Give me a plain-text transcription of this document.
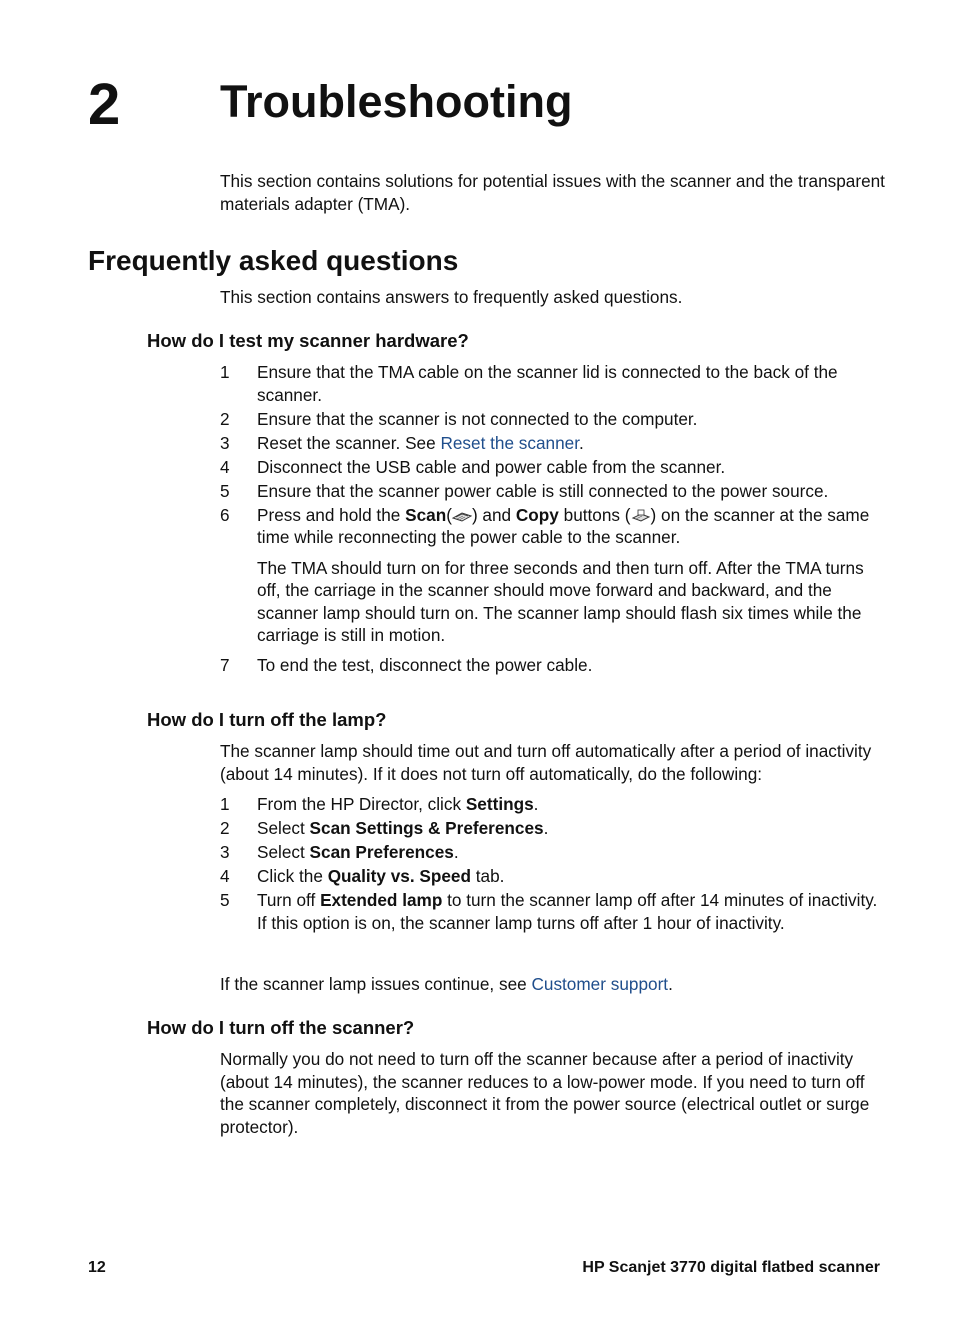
2 Troubleshooting

This section contains solutions for potential issues with the scanner and the transparent materials adapter (TMA).

Frequently asked questions

This section contains answers to frequently asked questions.

How do I test my scanner hardware?
1	Ensure that the TMA cable on the scanner lid is connected to the back of the scanner.
2	Ensure that the scanner is not connected to the computer.
3	Reset the scanner. See Reset the scanner.
4	Disconnect the USB cable and power cable from the scanner.
5	Ensure that the scanner power cable is still connected to the power source.
6	Press and hold the Scan( ) and Copy buttons ( ) on the scanner at the same time while reconnecting the power cable to the scanner.
The TMA should turn on for three seconds and then turn off. After the TMA turns off, the carriage in the scanner should move forward and backward, and the scanner lamp should turn on. The scanner lamp should flash six times while the carriage is still in motion.
7	To end the test, disconnect the power cable.
How do I turn off the lamp?

The scanner lamp should time out and turn off automatically after a period of inactivity (about 14 minutes). If it does not turn off automatically, do the following:

1	From the HP Director, click Settings.
2	Select Scan Settings & Preferences.
3	Select Scan Preferences.
4	Click the Quality vs. Speed tab.
5	Turn off Extended lamp to turn the scanner lamp off after 14 minutes of inactivity. If this option is on, the scanner lamp turns off after 1 hour of inactivity.

If the scanner lamp issues continue, see Customer support.

How do I turn off the scanner?

Normally you do not need to turn off the scanner because after a period of inactivity (about 14 minutes), the scanner reduces to a low-power mode. If you need to turn off the scanner completely, disconnect it from the power source (electrical outlet or surge protector).

12	HP Scanjet 3770 digital flatbed scanner
